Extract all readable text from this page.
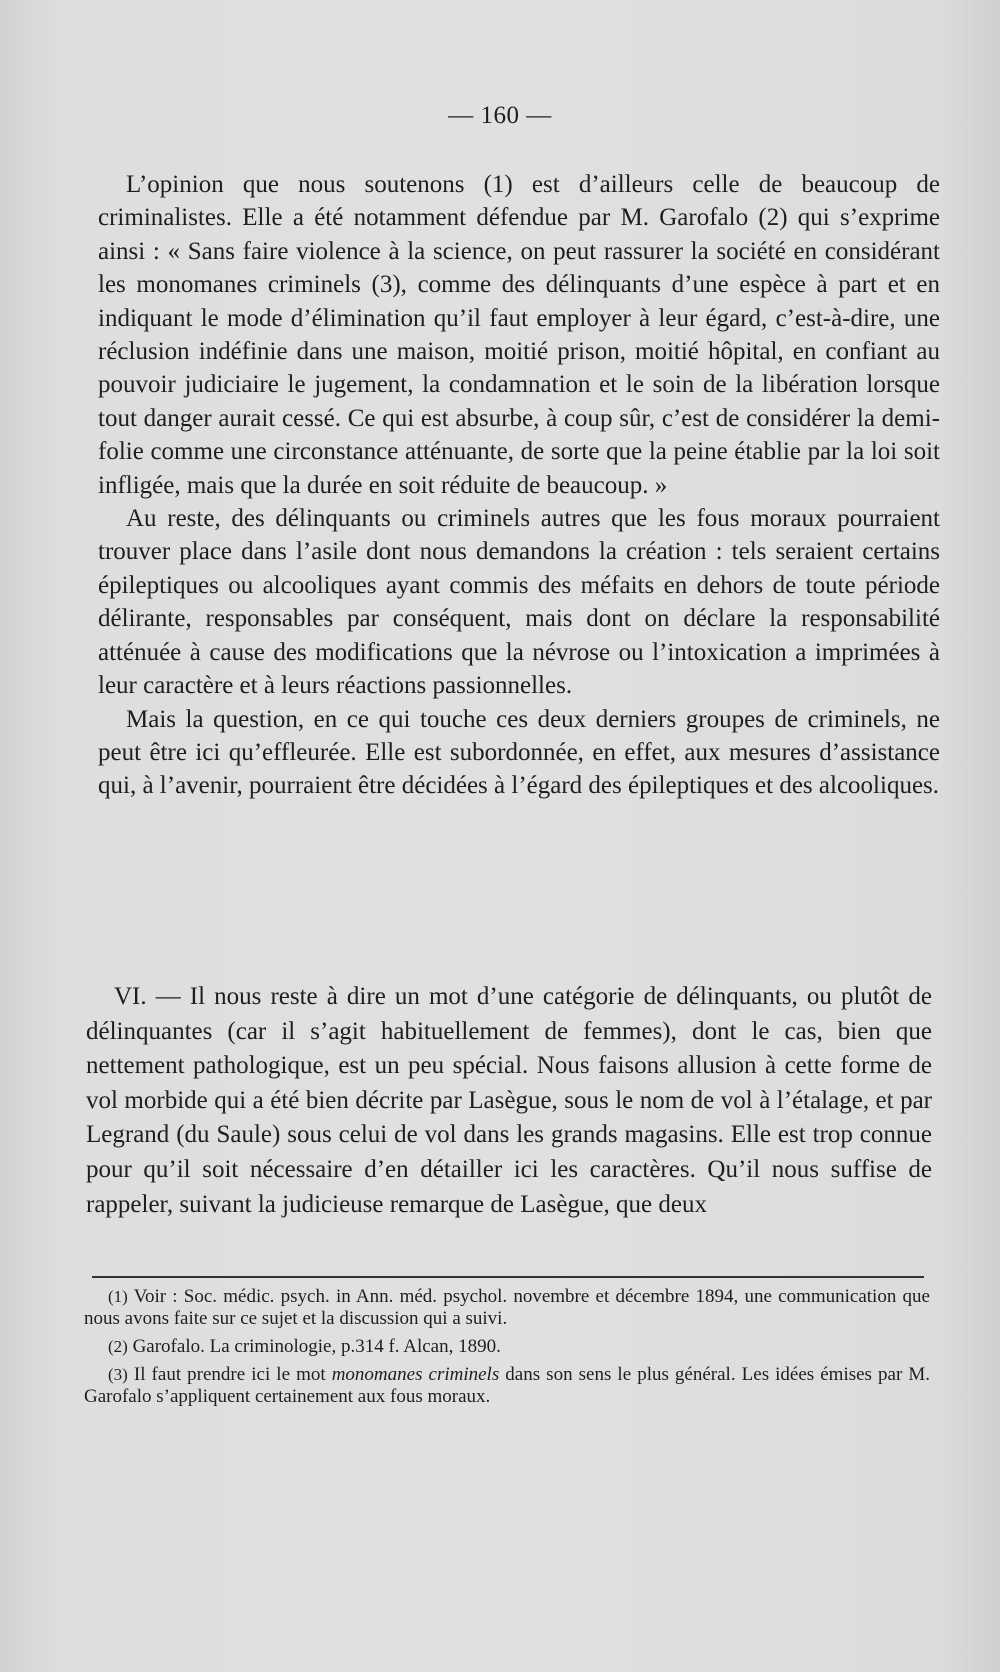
— 160 —

L’opinion que nous soutenons (1) est d’ailleurs celle de beaucoup de criminalistes. Elle a été notamment défendue par M. Garofalo (2) qui s’exprime ainsi : « Sans faire violence à la science, on peut rassurer la société en considérant les monomanes criminels (3), comme des délinquants d’une espèce à part et en indiquant le mode d’élimination qu’il faut employer à leur égard, c’est-à-dire, une réclusion indéfinie dans une maison, moitié prison, moitié hôpital, en confiant au pouvoir judiciaire le jugement, la condamnation et le soin de la libération lorsque tout danger aurait cessé. Ce qui est absurbe, à coup sûr, c’est de considérer la demi-folie comme une circonstance atténuante, de sorte que la peine établie par la loi soit infligée, mais que la durée en soit réduite de beaucoup. »

Au reste, des délinquants ou criminels autres que les fous moraux pourraient trouver place dans l’asile dont nous demandons la création : tels seraient certains épileptiques ou alcooliques ayant commis des méfaits en dehors de toute période délirante, responsables par conséquent, mais dont on déclare la responsabilité atténuée à cause des modifications que la névrose ou l’intoxication a imprimées à leur caractère et à leurs réactions passionnelles.

Mais la question, en ce qui touche ces deux derniers groupes de criminels, ne peut être ici qu’effleurée. Elle est subordonnée, en effet, aux mesures d’assistance qui, à l’avenir, pourraient être décidées à l’égard des épileptiques et des alcooliques.

VI. — Il nous reste à dire un mot d’une catégorie de délinquants, ou plutôt de délinquantes (car il s’agit habituellement de femmes), dont le cas, bien que nettement pathologique, est un peu spécial. Nous faisons allusion à cette forme de vol morbide qui a été bien décrite par Lasègue, sous le nom de vol à l’étalage, et par Legrand (du Saule) sous celui de vol dans les grands magasins. Elle est trop connue pour qu’il soit nécessaire d’en détailler ici les caractères. Qu’il nous suffise de rappeler, suivant la judicieuse remarque de Lasègue, que deux

(1) Voir : Soc. médic. psych. in Ann. méd. psychol. novembre et décembre 1894, une communication que nous avons faite sur ce sujet et la discussion qui a suivi.

(2) Garofalo. La criminologie, p.314 f. Alcan, 1890.

(3) Il faut prendre ici le mot monomanes criminels dans son sens le plus général. Les idées émises par M. Garofalo s’appliquent certainement aux fous moraux.
